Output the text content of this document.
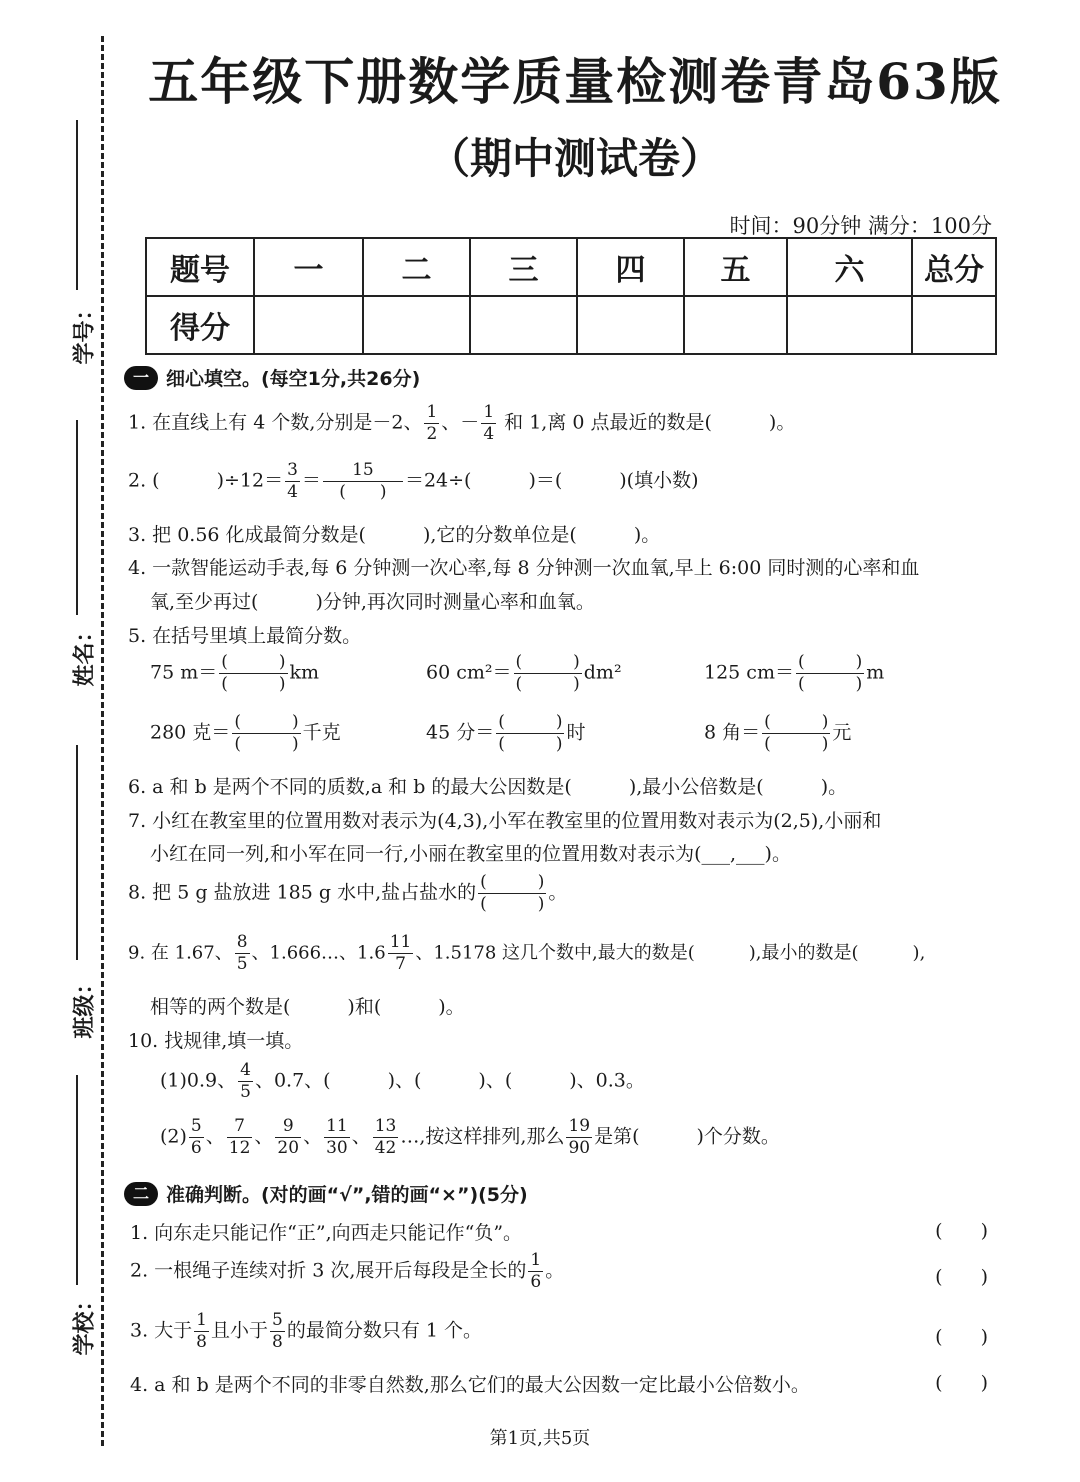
学号：
姓名：
班级：
学校：
五年级下册数学质量检测卷青岛63版
（期中测试卷）
时间：90分钟 满分：100分
题号	一	二	三	四	五	六	总分
得分							
一 细心填空。(每空1分,共26分)
1. 在直线上有 4 个数,分别是－2、 $\frac{1}{2}$ 、－ $\frac{1}{4}$ 和 1,离 0 点最近的数是(　　　)。
2. (　　　)$\div 12= \frac{3}{4} = \frac{15}{( )} =24\div$(　　　)＝(　　　)(填小数)
3. 把 0.56 化成最简分数是(　　　),它的分数单位是(　　　)。
4. 一款智能运动手表,每 6 分钟测一次心率,每 8 分钟测一次血氧,早上 6:00 同时测的心率和血
氧,至少再过(　　　)分钟,再次同时测量心率和血氧。
5. 在括号里填上最简分数。
75 $m= \frac{( )}{( )}$ km	60 $cm^2= \frac{( )}{( )} dm^2$	125 $cm= \frac{( )}{( )}$ m
280 克＝ $\frac{( )}{( )}$ 千克	45 分＝ $\frac{( )}{( )}$ 时	8 角＝ $\frac{( )}{( )}$ 元
6. a 和 b 是两个不同的质数,a 和 b 的最大公因数是(　　　),最小公倍数是(　　　)。
7. 小红在教室里的位置用数对表示为(4,3),小军在教室里的位置用数对表示为(2,5),小丽和
小红在同一列,和小军在同一行,小丽在教室里的位置用数对表示为(___,___)。
8. 把 5 g 盐放进 185 g 水中,盐占盐水的 $\frac{( )}{( )}$ 。
9. 在 1.67、 $\frac{8}{5}$ 、1.666…、$1.6 \frac{11}{7}$ 、1.5178 这几个数中,最大的数是(　　　),最小的数是(　　　),
相等的两个数是(　　　)和(　　　)。
10. 找规律,填一填。
(1)0.9、 $\frac{4}{5}$ 、0.7、(　　　)、(　　　)、(　　　)、0.3。
$(2) \frac{5}{6}$ 、 $\frac{7}{12}$ 、 $\frac{9}{20}$ 、 $\frac{11}{30}$ 、 $\frac{13}{42}$ …,按这样排列,那么 $\frac{19}{90}$ 是第(　　　)个分数。
二 准确判断。(对的画“√”,错的画“×”)(5分)
1. 向东走只能记作“正”,向西走只能记作“负”。	(　　)
2. 一根绳子连续对折 3 次,展开后每段是全长的 $\frac{1}{6}$ 。	(　　)
3. 大于 $\frac{1}{8}$ 且小于 $\frac{5}{8}$ 的最简分数只有 1 个。	(　　)
4. a 和 b 是两个不同的非零自然数,那么它们的最大公因数一定比最小公倍数小。	(　　)
第1页,共5页
